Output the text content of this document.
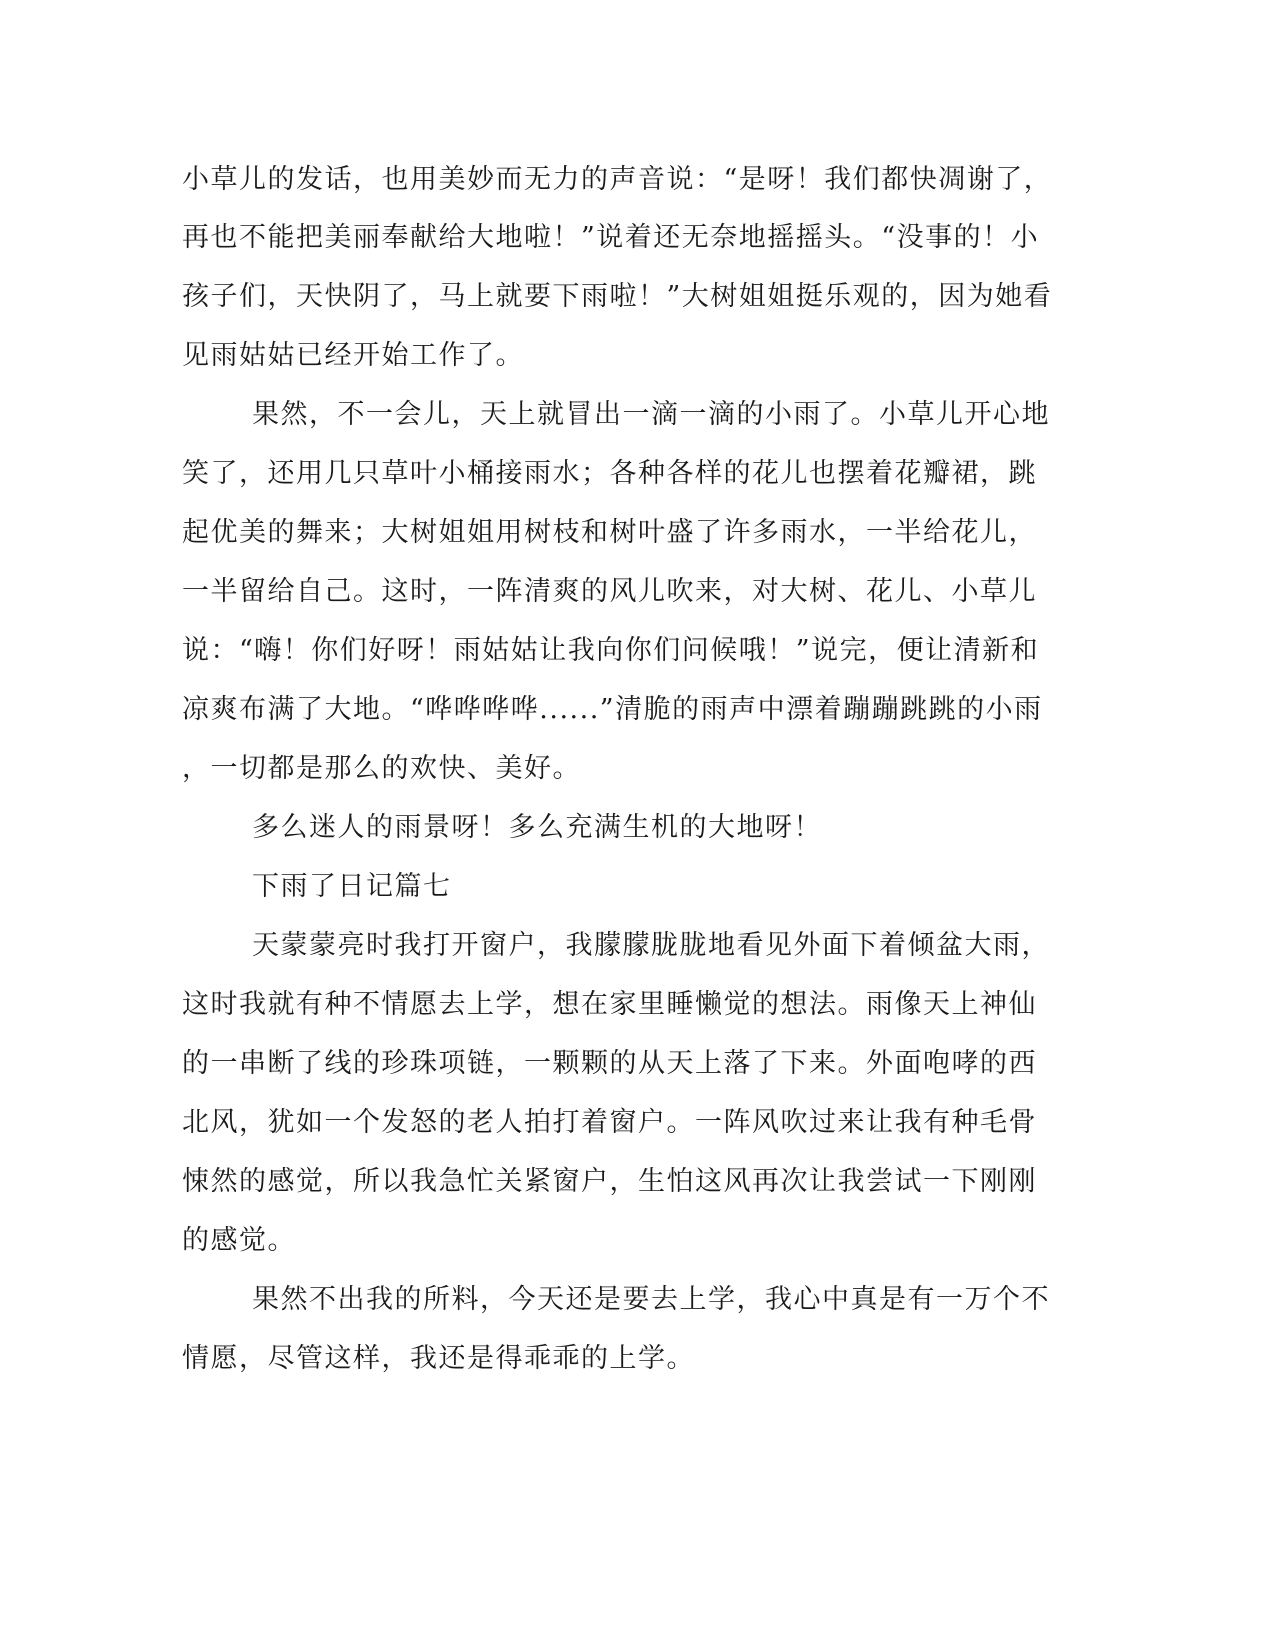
小草儿的发话，也用美妙而无力的声音说：“是呀！我们都快凋谢了，
再也不能把美丽奉献给大地啦！”说着还无奈地摇摇头。“没事的！小
孩子们，天快阴了，马上就要下雨啦！”大树姐姐挺乐观的，因为她看
见雨姑姑已经开始工作了。
果然，不一会儿，天上就冒出一滴一滴的小雨了。小草儿开心地
笑了，还用几只草叶小桶接雨水；各种各样的花儿也摆着花瓣裙，跳
起优美的舞来；大树姐姐用树枝和树叶盛了许多雨水，一半给花儿，
一半留给自己。这时，一阵清爽的风儿吹来，对大树、花儿、小草儿
说：“嗨！你们好呀！雨姑姑让我向你们问候哦！”说完，便让清新和
凉爽布满了大地。“哗哗哗哗......”清脆的雨声中漂着蹦蹦跳跳的小雨
，一切都是那么的欢快、美好。
多么迷人的雨景呀！多么充满生机的大地呀！
下雨了日记篇七
天蒙蒙亮时我打开窗户，我朦朦胧胧地看见外面下着倾盆大雨，
这时我就有种不情愿去上学，想在家里睡懒觉的想法。雨像天上神仙
的一串断了线的珍珠项链，一颗颗的从天上落了下来。外面咆哮的西
北风，犹如一个发怒的老人拍打着窗户。一阵风吹过来让我有种毛骨
悚然的感觉，所以我急忙关紧窗户，生怕这风再次让我尝试一下刚刚
的感觉。
果然不出我的所料，今天还是要去上学，我心中真是有一万个不
情愿，尽管这样，我还是得乖乖的上学。
